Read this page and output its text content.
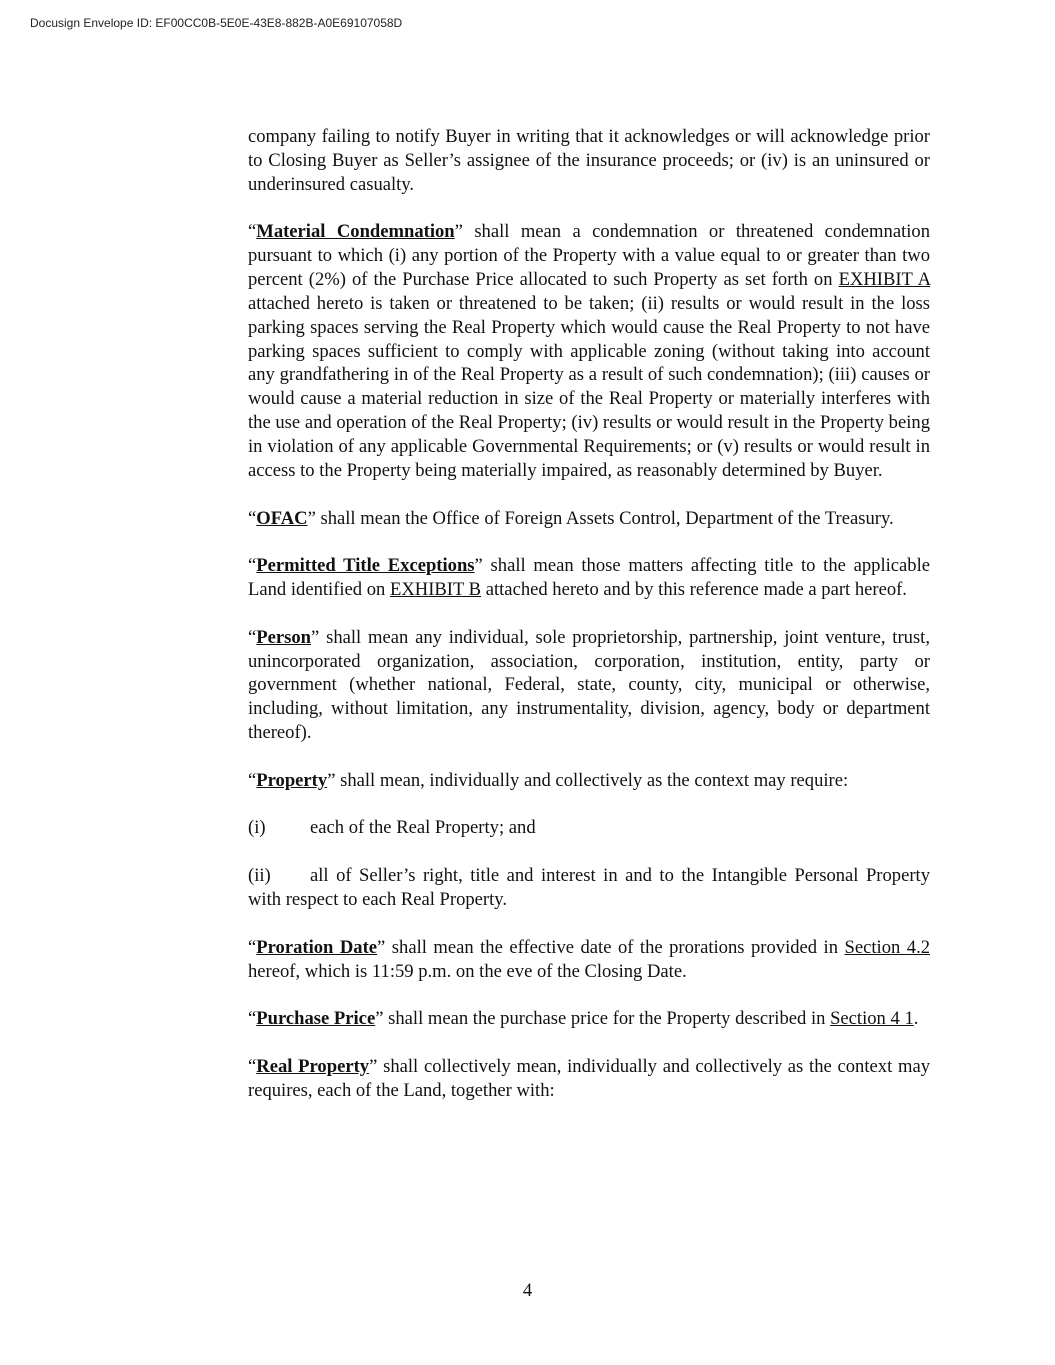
Docusign Envelope ID: EF00CC0B-5E0E-43E8-882B-A0E69107058D

company failing to notify Buyer in writing that it acknowledges or will acknowledge prior to Closing Buyer as Seller’s assignee of the insurance proceeds; or (iv) is an uninsured or underinsured casualty.

“Material Condemnation” shall mean a condemnation or threatened condemnation pursuant to which (i) any portion of the Property with a value equal to or greater than two percent (2%) of the Purchase Price allocated to such Property as set forth on EXHIBIT A attached hereto is taken or threatened to be taken; (ii) results or would result in the loss parking spaces serving the Real Property which would cause the Real Property to not have parking spaces sufficient to comply with applicable zoning (without taking into account any grandfathering in of the Real Property as a result of such condemnation); (iii) causes or would cause a material reduction in size of the Real Property or materially interferes with the use and operation of the Real Property; (iv) results or would result in the Property being in violation of any applicable Governmental Requirements; or (v) results or would result in access to the Property being materially impaired, as reasonably determined by Buyer.

“OFAC” shall mean the Office of Foreign Assets Control, Department of the Treasury.

“Permitted Title Exceptions” shall mean those matters affecting title to the applicable Land identified on EXHIBIT B attached hereto and by this reference made a part hereof.

“Person” shall mean any individual, sole proprietorship, partnership, joint venture, trust, unincorporated organization, association, corporation, institution, entity, party or government (whether national, Federal, state, county, city, municipal or otherwise, including, without limitation, any instrumentality, division, agency, body or department thereof).

“Property” shall mean, individually and collectively as the context may require:

(i) each of the Real Property; and

(ii) all of Seller’s right, title and interest in and to the Intangible Personal Property with respect to each Real Property.

“Proration Date” shall mean the effective date of the prorations provided in Section 4.2 hereof, which is 11:59 p.m. on the eve of the Closing Date.

“Purchase Price” shall mean the purchase price for the Property described in Section 4 1.

“Real Property” shall collectively mean, individually and collectively as the context may requires, each of the Land, together with:

4
